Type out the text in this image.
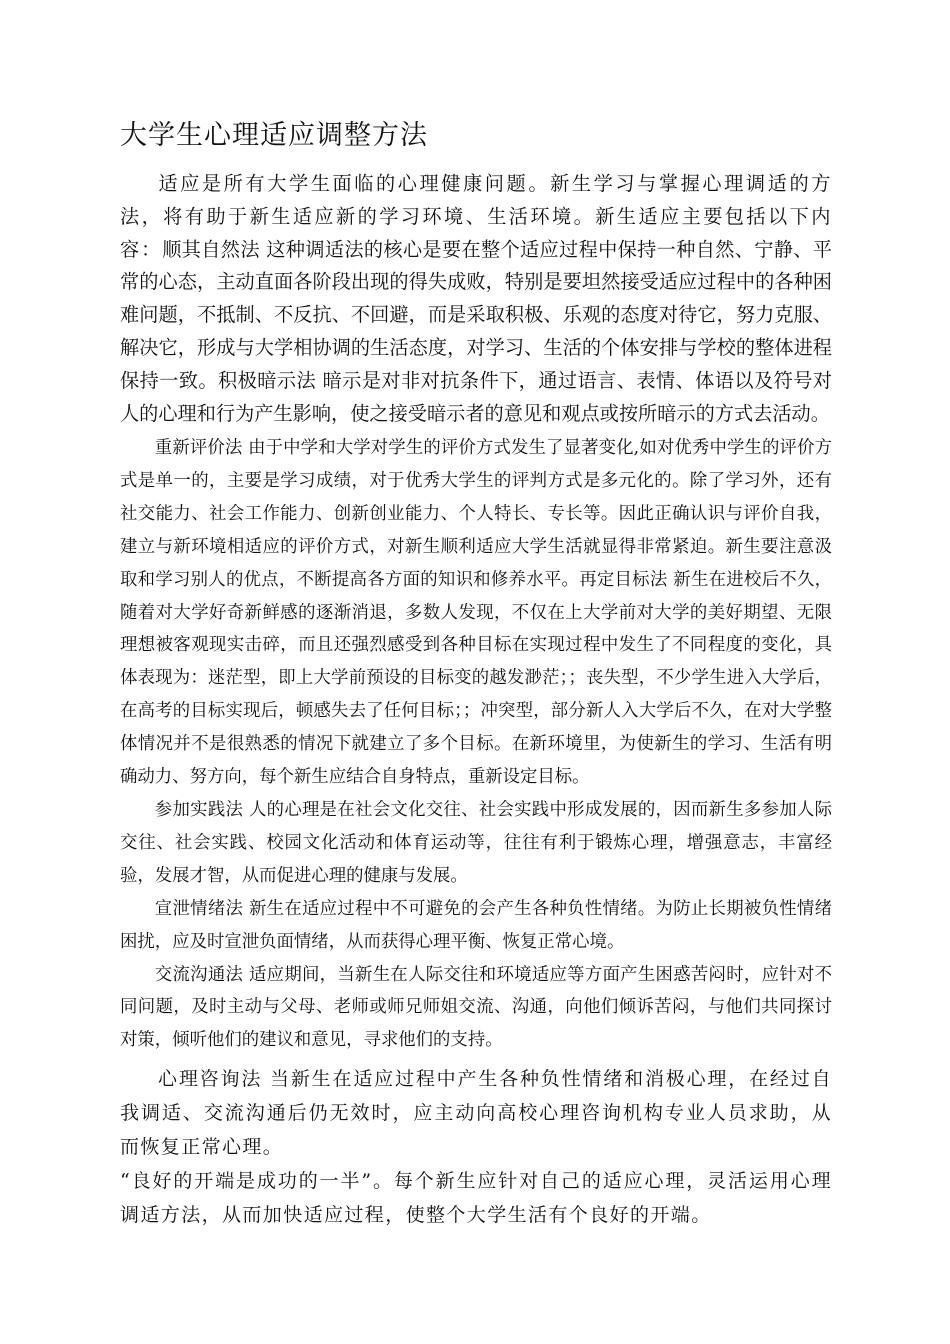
大学生心理适应调整方法

适应是所有大学生面临的心理健康问题。新生学习与掌握心理调适的方法，将有助于新生适应新的学习环境、生活环境。新生适应主要包括以下内容：顺其自然法 这种调适法的核心是要在整个适应过程中保持一种自然、宁静、平常的心态，主动直面各阶段出现的得失成败，特别是要坦然接受适应过程中的各种困难问题，不抵制、不反抗、不回避，而是采取积极、乐观的态度对待它，努力克服、解决它，形成与大学相协调的生活态度，对学习、生活的个体安排与学校的整体进程保持一致。积极暗示法 暗示是对非对抗条件下，通过语言、表情、体语以及符号对人的心理和行为产生影响，使之接受暗示者的意见和观点或按所暗示的方式去活动。

重新评价法 由于中学和大学对学生的评价方式发生了显著变化,如对优秀中学生的评价方式是单一的，主要是学习成绩，对于优秀大学生的评判方式是多元化的。除了学习外，还有社交能力、社会工作能力、创新创业能力、个人特长、专长等。因此正确认识与评价自我，建立与新环境相适应的评价方式，对新生顺利适应大学生活就显得非常紧迫。新生要注意汲取和学习别人的优点，不断提高各方面的知识和修养水平。再定目标法 新生在进校后不久，随着对大学好奇新鲜感的逐渐消退，多数人发现，不仅在上大学前对大学的美好期望、无限理想被客观现实击碎，而且还强烈感受到各种目标在实现过程中发生了不同程度的变化，具体表现为：迷茫型，即上大学前预设的目标变的越发渺茫；；丧失型，不少学生进入大学后，在高考的目标实现后，顿感失去了任何目标；；冲突型，部分新人入大学后不久，在对大学整体情况并不是很熟悉的情况下就建立了多个目标。在新环境里，为使新生的学习、生活有明确动力、努方向，每个新生应结合自身特点，重新设定目标。

参加实践法 人的心理是在社会文化交往、社会实践中形成发展的，因而新生多参加人际交往、社会实践、校园文化活动和体育运动等，往往有利于锻炼心理，增强意志，丰富经验，发展才智，从而促进心理的健康与发展。

宣泄情绪法 新生在适应过程中不可避免的会产生各种负性情绪。为防止长期被负性情绪困扰，应及时宣泄负面情绪，从而获得心理平衡、恢复正常心境。

交流沟通法 适应期间，当新生在人际交往和环境适应等方面产生困惑苦闷时，应针对不同问题，及时主动与父母、老师或师兄师姐交流、沟通，向他们倾诉苦闷，与他们共同探讨对策，倾听他们的建议和意见，寻求他们的支持。

心理咨询法 当新生在适应过程中产生各种负性情绪和消极心理，在经过自我调适、交流沟通后仍无效时，应主动向高校心理咨询机构专业人员求助，从而恢复正常心理。

“良好的开端是成功的一半”。每个新生应针对自己的适应心理，灵活运用心理调适方法，从而加快适应过程，使整个大学生活有个良好的开端。
